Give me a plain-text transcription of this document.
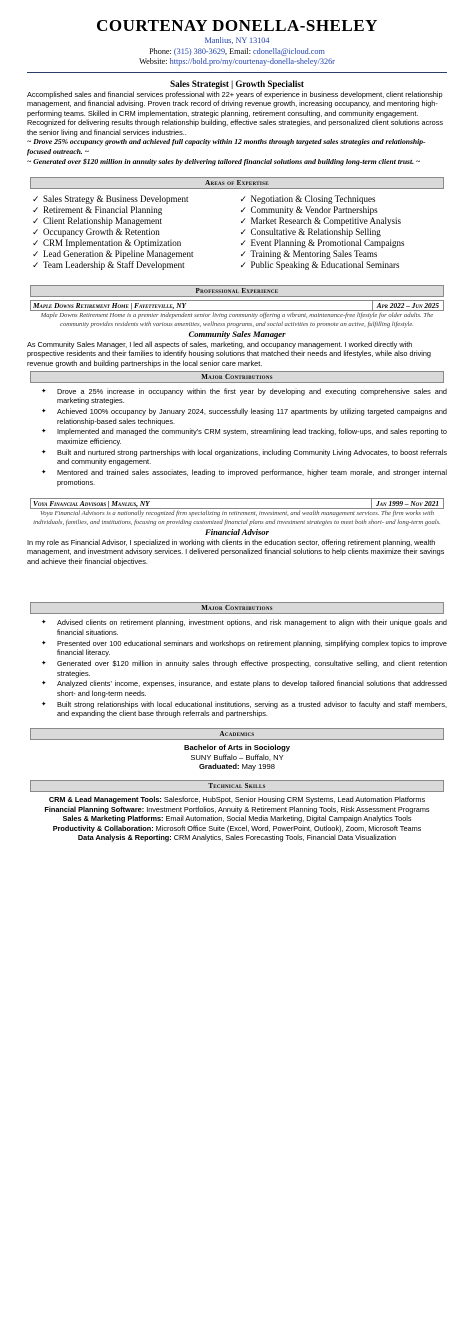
COURTENAY DONELLA-SHELEY
Manlius, NY 13104
Phone: (315) 380-3629, Email: cdonella@icloud.com
Website: https://bold.pro/my/courtenay-donella-sheley/326r
Sales Strategist | Growth Specialist
Accomplished sales and financial services professional with 22+ years of experience in business development, client relationship management, and financial advising. Proven track record of driving revenue growth, increasing occupancy, and mentoring high-performing teams. Skilled in CRM implementation, strategic planning, retirement consulting, and community engagement. Recognized for delivering results through relationship building, effective sales strategies, and personalized client solutions across the senior living and financial services industries..
~ Drove 25% occupancy growth and achieved full capacity within 12 months through targeted sales strategies and relationship-focused outreach. ~
~ Generated over $120 million in annuity sales by delivering tailored financial solutions and building long-term client trust. ~
Areas of Expertise
✓ Sales Strategy & Business Development
✓ Retirement & Financial Planning
✓ Client Relationship Management
✓ Occupancy Growth & Retention
✓ CRM Implementation & Optimization
✓ Lead Generation & Pipeline Management
✓ Team Leadership & Staff Development
✓ Negotiation & Closing Techniques
✓ Community & Vendor Partnerships
✓ Market Research & Competitive Analysis
✓ Consultative & Relationship Selling
✓ Event Planning & Promotional Campaigns
✓ Training & Mentoring Sales Teams
✓ Public Speaking & Educational Seminars
Professional Experience
Maple Downs Retirement Home | Fayetteville, NY	Apr 2022 – Jun 2025
Maple Downs Retirement Home is a premier independent senior living community offering a vibrant, maintenance-free lifestyle for older adults. The community provides residents with various amenities, wellness programs, and social activities to promote an active, fulfilling lifestyle.
Community Sales Manager
As Community Sales Manager, I led all aspects of sales, marketing, and occupancy management. I worked directly with prospective residents and their families to identify housing solutions that matched their needs and lifestyles, while also driving revenue growth and building partnerships in the local senior care market.
Major Contributions
✦ Drove a 25% increase in occupancy within the first year by developing and executing comprehensive sales and marketing strategies.
✦ Achieved 100% occupancy by January 2024, successfully leasing 117 apartments by utilizing targeted campaigns and relationship-based sales techniques.
✦ Implemented and managed the community's CRM system, streamlining lead tracking, follow-ups, and sales reporting to maximize efficiency.
✦ Built and nurtured strong partnerships with local organizations, including Community Living Advocates, to boost referrals and community engagement.
✦ Mentored and trained sales associates, leading to improved performance, higher team morale, and stronger internal promotions.
Voya Financial Advisors | Manlius, NY	Jan 1999 – Nov 2021
Voya Financial Advisors is a nationally recognized firm specializing in retirement, investment, and wealth management services. The firm works with individuals, families, and institutions, focusing on providing customized financial plans and investment strategies to meet both short- and long-term goals.
Financial Advisor
In my role as Financial Advisor, I specialized in working with clients in the education sector, offering retirement planning, wealth management, and investment advisory services. I delivered personalized financial solutions to help clients maximize their savings and achieve their financial objectives.
Major Contributions
✦ Advised clients on retirement planning, investment options, and risk management to align with their unique goals and financial situations.
✦ Presented over 100 educational seminars and workshops on retirement planning, simplifying complex topics to improve financial literacy.
✦ Generated over $120 million in annuity sales through effective prospecting, consultative selling, and client retention strategies.
✦ Analyzed clients' income, expenses, insurance, and estate plans to develop tailored financial solutions that addressed short- and long-term needs.
✦ Built strong relationships with local educational institutions, serving as a trusted advisor to faculty and staff members, and expanding the client base through referrals and partnerships.
Academics
Bachelor of Arts in Sociology
SUNY Buffalo – Buffalo, NY
Graduated: May 1998
Technical Skills
CRM & Lead Management Tools: Salesforce, HubSpot, Senior Housing CRM Systems, Lead Automation Platforms
Financial Planning Software: Investment Portfolios, Annuity & Retirement Planning Tools, Risk Assessment Programs
Sales & Marketing Platforms: Email Automation, Social Media Marketing, Digital Campaign Analytics Tools
Productivity & Collaboration: Microsoft Office Suite (Excel, Word, PowerPoint, Outlook), Zoom, Microsoft Teams
Data Analysis & Reporting: CRM Analytics, Sales Forecasting Tools, Financial Data Visualization
